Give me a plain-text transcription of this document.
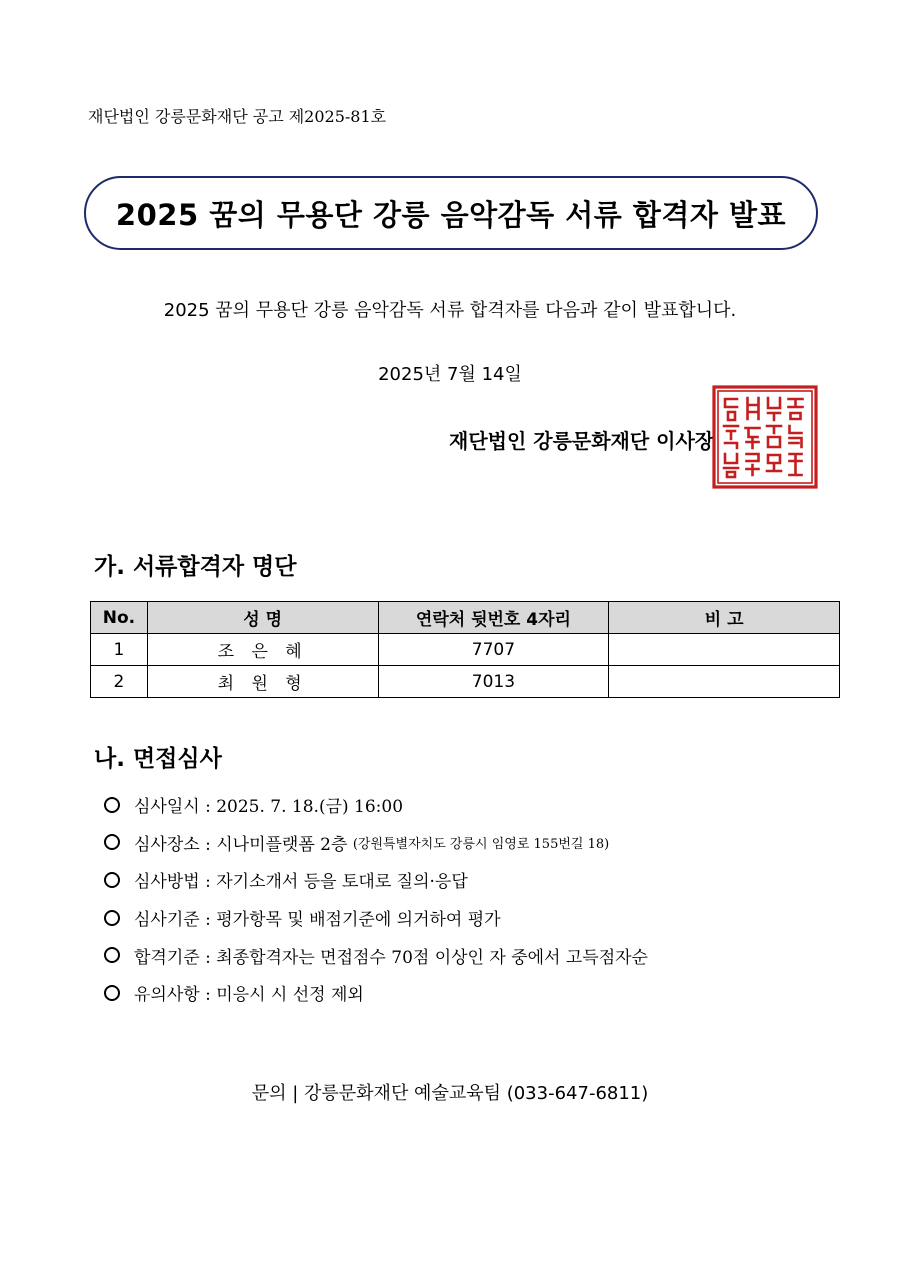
재단법인 강릉문화재단 공고 제2025-81호
2025 꿈의 무용단 강릉 음악감독 서류 합격자 발표
2025 꿈의 무용단 강릉 음악감독 서류 합격자를 다음과 같이 발표합니다.
2025년 7월 14일
재단법인 강릉문화재단 이사장
가. 서류합격자 명단
No.	성 명	연락처 뒷번호 4자리	비 고
1	조 은 혜	7707	
2	최 원 형	7013	
나. 면접심사
심사일시 : 2025. 7. 18.(금) 16:00
심사장소 : 시나미플랫폼 2층
(강원특별자치도 강릉시 임영로 155번길 18)
심사방법 : 자기소개서 등을 토대로 질의·응답
심사기준 : 평가항목 및 배점기준에 의거하여 평가
합격기준 : 최종합격자는 면접점수 70점 이상인 자 중에서 고득점자순
유의사항 : 미응시 시 선정 제외
문의 | 강릉문화재단 예술교육팀 (033-647-6811)
